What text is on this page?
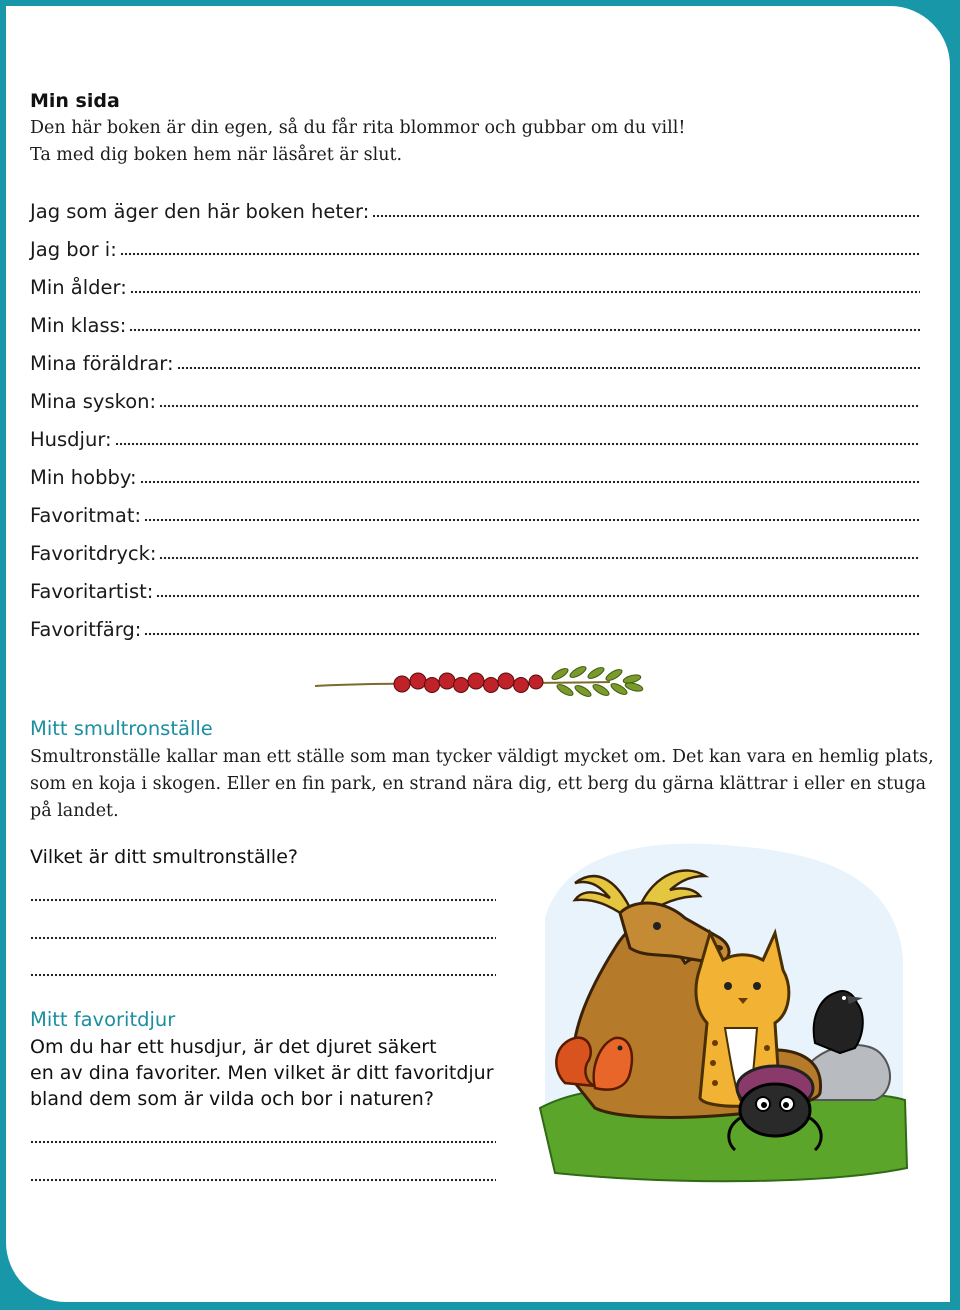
Min sida
Den här boken är din egen, så du får rita blommor och gubbar om du vill!
Ta med dig boken hem när läsåret är slut.
Jag som äger den här boken heter:
Jag bor i:
Min ålder:
Min klass:
Mina föräldrar:
Mina syskon:
Husdjur:
Min hobby:
Favoritmat:
Favoritdryck:
Favoritartist:
Favoritfärg:
Mitt smultronställe
Smultronställe kallar man ett ställe som man tycker väldigt mycket om. Det kan vara en hemlig plats,
som en koja i skogen. Eller en fin park, en strand nära dig, ett berg du gärna klättrar i eller en stuga
på landet.
Vilket är ditt smultronställe?
Mitt favoritdjur
Om du har ett husdjur, är det djuret säkert
en av dina favoriter. Men vilket är ditt favoritdjur
bland dem som är vilda och bor i naturen?
